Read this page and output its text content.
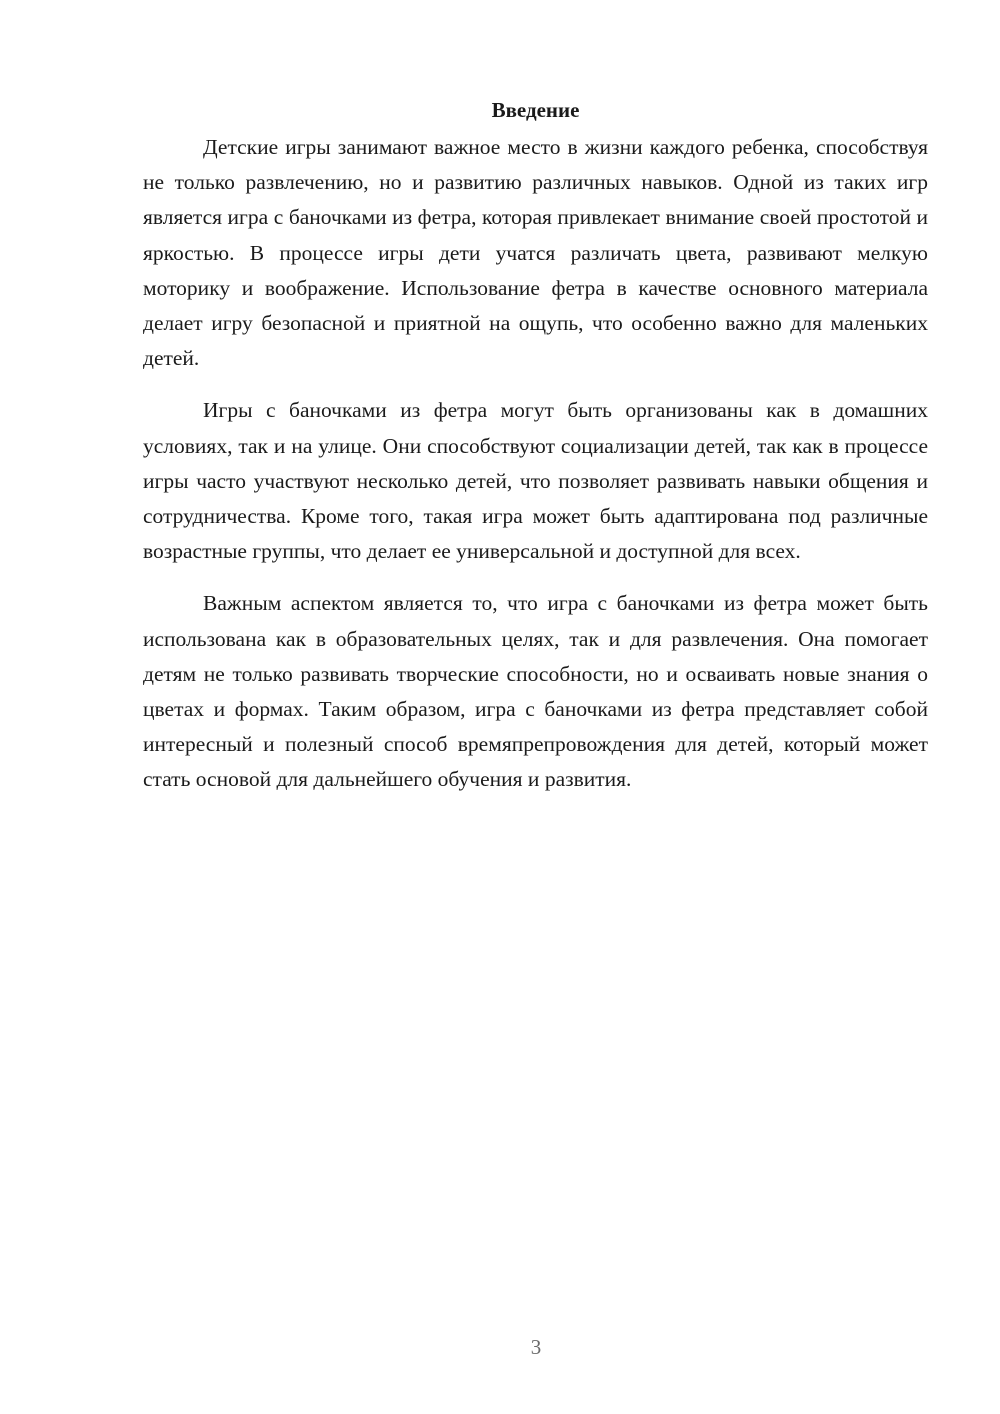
Введение

Детские игры занимают важное место в жизни каждого ребенка, способствуя не только развлечению, но и развитию различных навыков. Одной из таких игр является игра с баночками из фетра, которая привлекает внимание своей простотой и яркостью. В процессе игры дети учатся различать цвета, развивают мелкую моторику и воображение. Использование фетра в качестве основного материала делает игру безопасной и приятной на ощупь, что особенно важно для маленьких детей.

Игры с баночками из фетра могут быть организованы как в домашних условиях, так и на улице. Они способствуют социализации детей, так как в процессе игры часто участвуют несколько детей, что позволяет развивать навыки общения и сотрудничества. Кроме того, такая игра может быть адаптирована под различные возрастные группы, что делает ее универсальной и доступной для всех.

Важным аспектом является то, что игра с баночками из фетра может быть использована как в образовательных целях, так и для развлечения. Она помогает детям не только развивать творческие способности, но и осваивать новые знания о цветах и формах. Таким образом, игра с баночками из фетра представляет собой интересный и полезный способ времяпрепровождения для детей, который может стать основой для дальнейшего обучения и развития.

3
